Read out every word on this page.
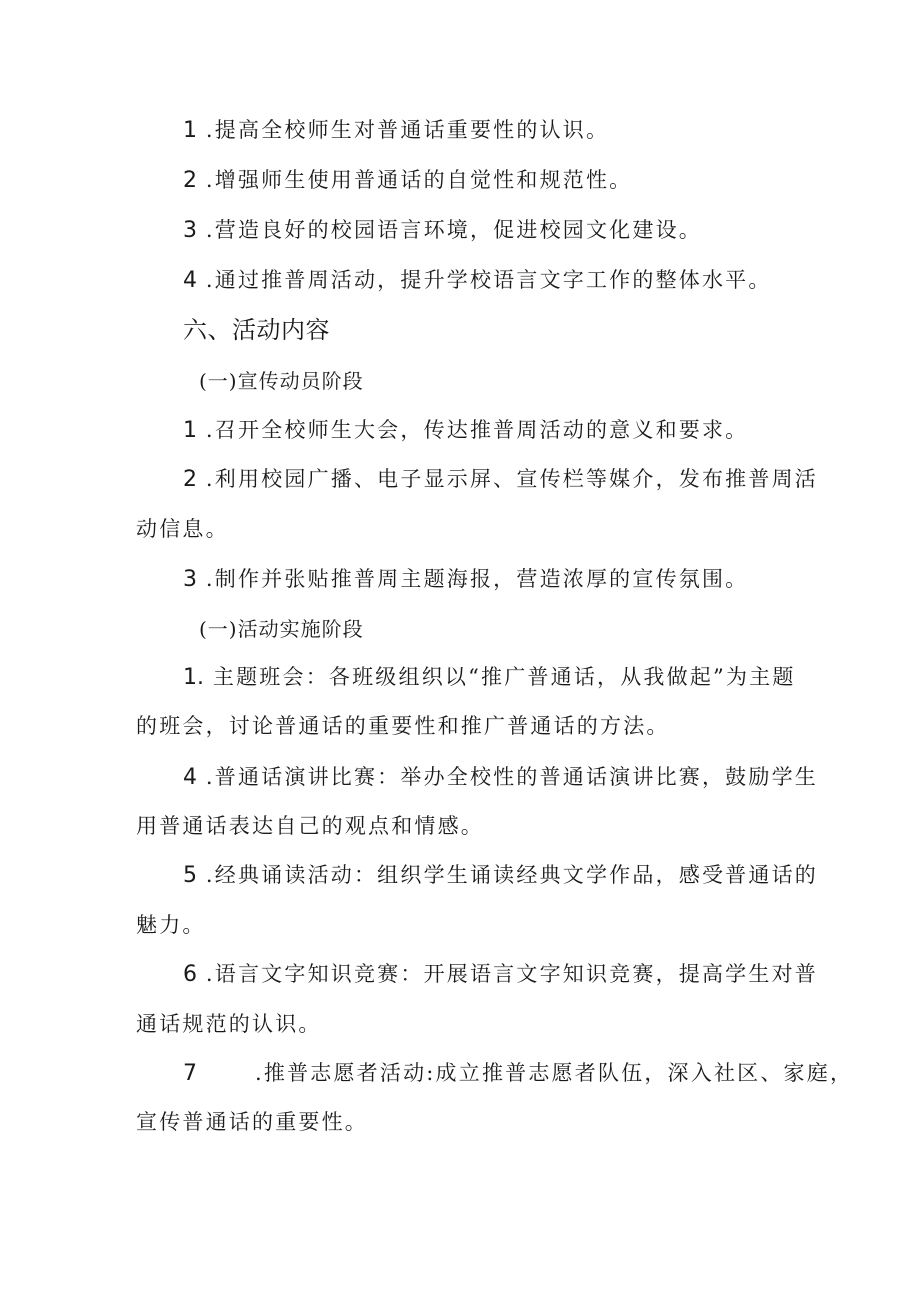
1 .提高全校师生对普通话重要性的认识。
2 .增强师生使用普通话的自觉性和规范性。
3 .营造良好的校园语言环境，促进校园文化建设。
4 .通过推普周活动，提升学校语言文字工作的整体水平。
六、活动内容
(一)宣传动员阶段
1 .召开全校师生大会，传达推普周活动的意义和要求。
2 .利用校园广播、电子显示屏、宣传栏等媒介，发布推普周活
动信息。
3 .制作并张贴推普周主题海报，营造浓厚的宣传氛围。
(一)活动实施阶段
1. 主题班会：各班级组织以“推广普通话，从我做起”为主题
的班会，讨论普通话的重要性和推广普通话的方法。
4 .普通话演讲比赛：举办全校性的普通话演讲比赛，鼓励学生
用普通话表达自己的观点和情感。
5 .经典诵读活动：组织学生诵读经典文学作品，感受普通话的
魅力。
6 .语言文字知识竞赛：开展语言文字知识竞赛，提高学生对普
通话规范的认识。
7	.推普志愿者活动:成立推普志愿者队伍，深入社区、家庭，
宣传普通话的重要性。
